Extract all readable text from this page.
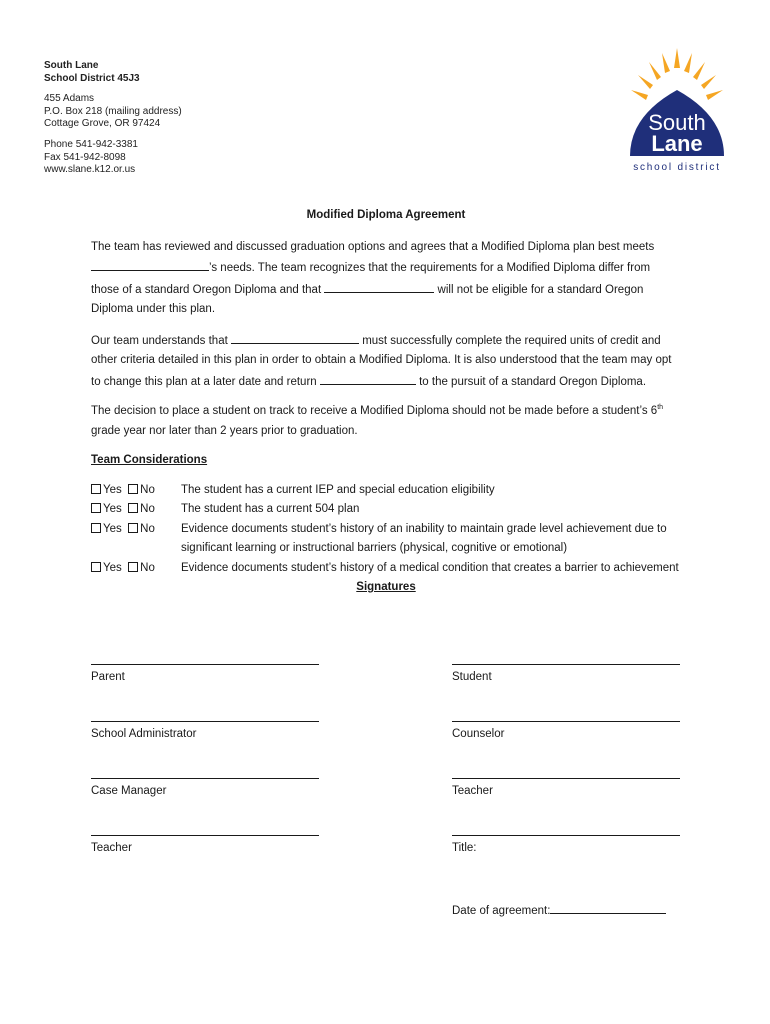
South Lane
School District 45J3
455 Adams
P.O. Box 218 (mailing address)
Cottage Grove, OR 97424
Phone 541-942-3381
Fax 541-942-8098
www.slane.k12.or.us
South
Lane
school district
Modified Diploma Agreement

The team has reviewed and discussed graduation options and agrees that a Modified Diploma plan best meets ’s needs. The team recognizes that the requirements for a Modified Diploma differ from those of a standard Oregon Diploma and that	will not be eligible for a standard Oregon Diploma under this plan.

Our team understands that	must successfully complete the required units of credit and other criteria detailed in this plan in order to obtain a Modified Diploma. It is also understood that the team may opt to change this plan at a later date and return	to the pursuit of a standard Oregon Diploma.

The decision to place a student on track to receive a Modified Diploma should not be made before a student’s 6th grade year nor later than 2 years prior to graduation.

Team Considerations
Yes No	The student has a current IEP and special education eligibility
Yes No	The student has a current 504 plan
Yes No	Evidence documents student’s history of an inability to maintain grade level achievement due to significant learning or instructional barriers (physical, cognitive or emotional)
Yes No	Evidence documents student’s history of a medical condition that creates a barrier to achievement
Signatures
Parent	Student
School Administrator	Counselor
Case Manager	Teacher
Teacher	Title:
Date of agreement:
